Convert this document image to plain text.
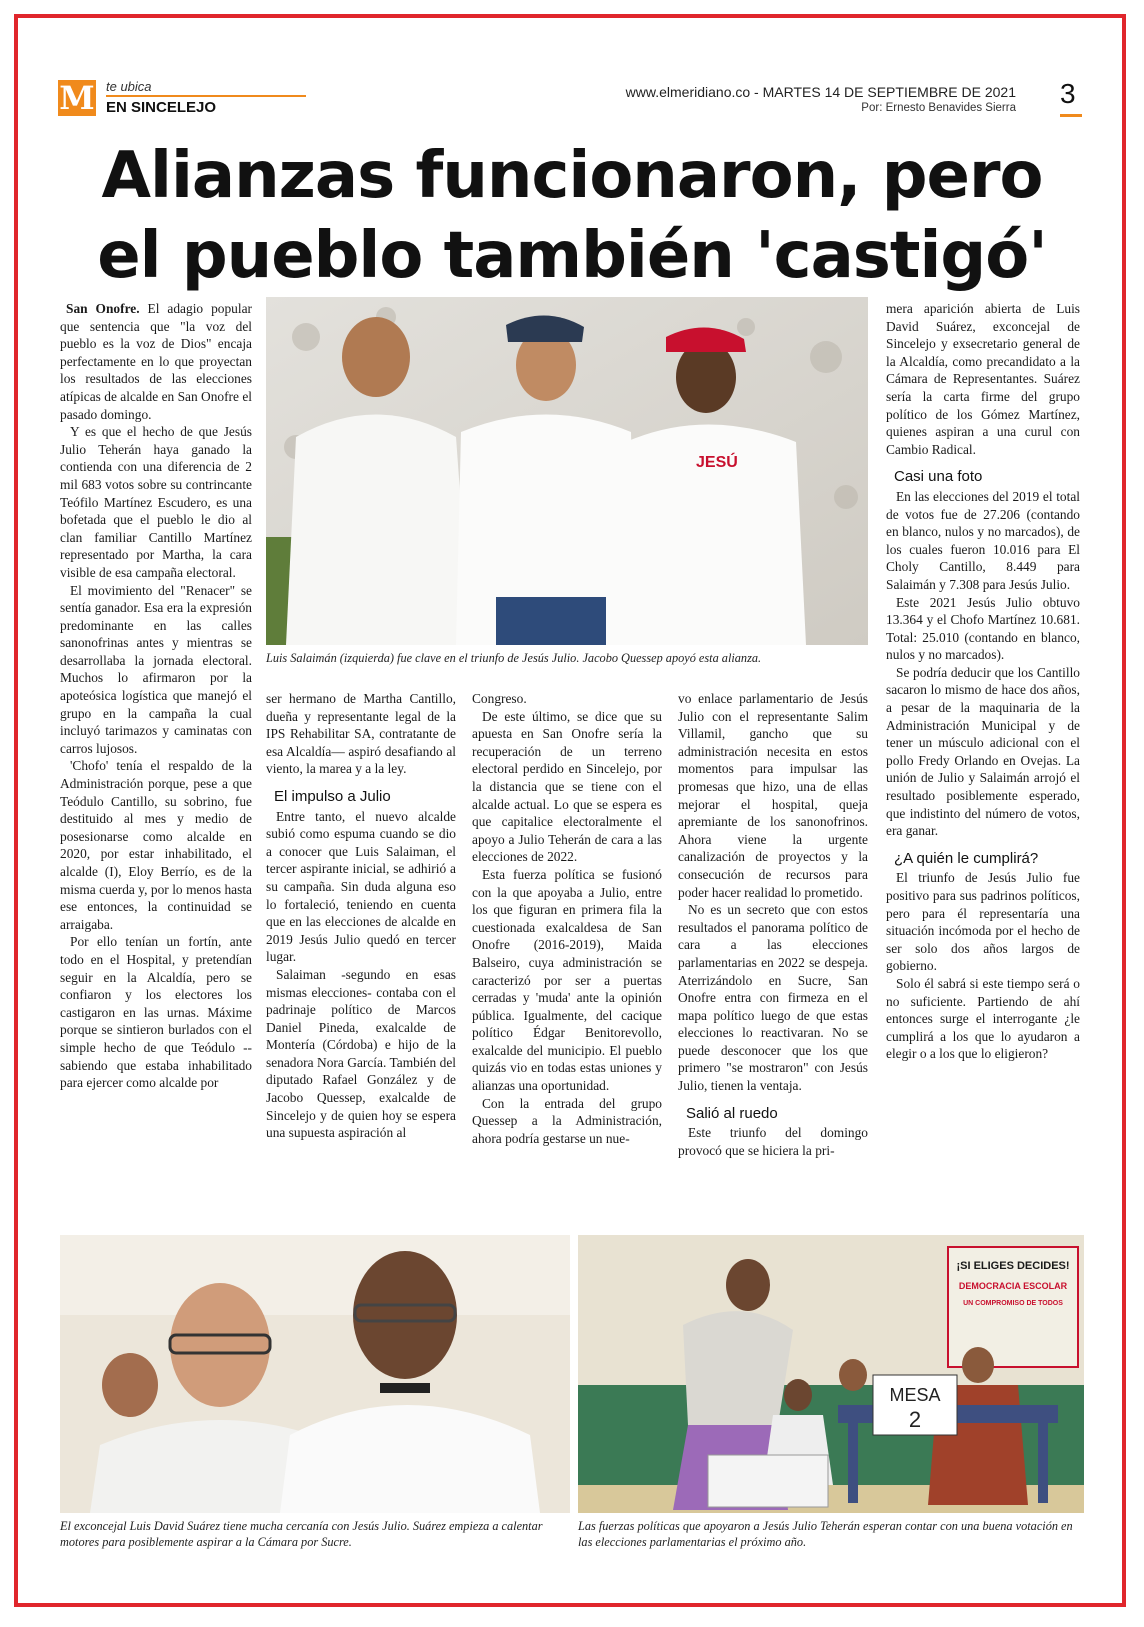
M te ubica
EN SINCELEJO
www.elmeridiano.co - MARTES 14 DE SEPTIEMBRE DE 2021
Por: Ernesto Benavides Sierra 3
Alianzas funcionaron, pero
el pueblo también 'castigó'

San Onofre. El adagio popular que sentencia que "la voz del pueblo es la voz de Dios" encaja perfectamente en lo que proyectan los resultados de las elecciones atípicas de alcalde en San Onofre el pasado domingo.

Y es que el hecho de que Jesús Julio Teherán haya ganado la contienda con una diferencia de 2 mil 683 votos sobre su contrincante Teófilo Martínez Escudero, es una bofetada que el pueblo le dio al clan familiar Cantillo Martínez representado por Martha, la cara visible de esa campaña electoral.

El movimiento del "Renacer" se sentía ganador. Esa era la expresión predominante en las calles sanonofrinas antes y mientras se desarrollaba la jornada electoral. Muchos lo afirmaron por la apoteósica logística que manejó el grupo en la campaña la cual incluyó tarimazos y caminatas con carros lujosos.

'Chofo' tenía el respaldo de la Administración porque, pese a que Teódulo Cantillo, su sobrino, fue destituido al mes y medio de posesionarse como alcalde en 2020, por estar inhabilitado, el alcalde (I), Eloy Berrío, es de la misma cuerda y, por lo menos hasta ese entonces, la continuidad se arraigaba.

Por ello tenían un fortín, ante todo en el Hospital, y pretendían seguir en la Alcaldía, pero se confiaron y los electores los castigaron en las urnas. Máxime porque se sintieron burlados con el simple hecho de que Teódulo --sabiendo que estaba inhabilitado para ejercer como alcalde por

JESÚ
Luis Salaimán (izquierda) fue clave en el triunfo de Jesús Julio. Jacobo Quessep apoyó esta alianza.

ser hermano de Martha Cantillo, dueña y representante legal de la IPS Rehabilitar SA, contratante de esa Alcaldía— aspiró desafiando al viento, la marea y a la ley.

El impulso a Julio

Entre tanto, el nuevo alcalde subió como espuma cuando se dio a conocer que Luis Salaiman, el tercer aspirante inicial, se adhirió a su campaña. Sin duda alguna eso lo fortaleció, teniendo en cuenta que en las elecciones de alcalde en 2019 Jesús Julio quedó en tercer lugar.

Salaiman -segundo en esas mismas elecciones- contaba con el padrinaje político de Marcos Daniel Pineda, exalcalde de Montería (Córdoba) e hijo de la senadora Nora García. También del diputado Rafael González y de Jacobo Quessep, exalcalde de Sincelejo y de quien hoy se espera una supuesta aspiración al

Congreso.

De este último, se dice que su apuesta en San Onofre sería la recuperación de un terreno electoral perdido en Sincelejo, por la distancia que se tiene con el alcalde actual. Lo que se espera es que capitalice electoralmente el apoyo a Julio Teherán de cara a las elecciones de 2022.

Esta fuerza política se fusionó con la que apoyaba a Julio, entre los que figuran en primera fila la cuestionada exalcaldesa de San Onofre (2016-2019), Maida Balseiro, cuya administración se caracterizó por ser a puertas cerradas y 'muda' ante la opinión pública. Igualmente, del cacique político Édgar Benitorevollo, exalcalde del municipio. El pueblo quizás vio en todas estas uniones y alianzas una oportunidad.

Con la entrada del grupo Quessep a la Administración, ahora podría gestarse un nue-

vo enlace parlamentario de Jesús Julio con el representante Salim Villamil, gancho que su administración necesita en estos momentos para impulsar las promesas que hizo, una de ellas mejorar el hospital, queja apremiante de los sanonofrinos. Ahora viene la urgente canalización de proyectos y la consecución de recursos para poder hacer realidad lo prometido.

No es un secreto que con estos resultados el panorama político de cara a las elecciones parlamentarias en 2022 se despeja. Aterrizándolo en Sucre, San Onofre entra con firmeza en el mapa político luego de que estas elecciones lo reactivaran. No se puede desconocer que los que primero "se mostraron" con Jesús Julio, tienen la ventaja.

Salió al ruedo

Este triunfo del domingo provocó que se hiciera la pri-

mera aparición abierta de Luis David Suárez, exconcejal de Sincelejo y exsecretario general de la Alcaldía, como precandidato a la Cámara de Representantes. Suárez sería la carta firme del grupo político de los Gómez Martínez, quienes aspiran a una curul con Cambio Radical.

Casi una foto

En las elecciones del 2019 el total de votos fue de 27.206 (contando en blanco, nulos y no marcados), de los cuales fueron 10.016 para El Choly Cantillo, 8.449 para Salaimán y 7.308 para Jesús Julio.

Este 2021 Jesús Julio obtuvo 13.364 y el Chofo Martínez 10.681. Total: 25.010 (contando en blanco, nulos y no marcados).

Se podría deducir que los Cantillo sacaron lo mismo de hace dos años, a pesar de la maquinaria de la Administración Municipal y de tener un músculo adicional con el pollo Fredy Orlando en Ovejas. La unión de Julio y Salaimán arrojó el resultado posiblemente esperado, que indistinto del número de votos, era ganar.

¿A quién le cumplirá?

El triunfo de Jesús Julio fue positivo para sus padrinos políticos, pero para él representaría una situación incómoda por el hecho de ser solo dos años largos de gobierno.

Solo él sabrá si este tiempo será o no suficiente. Partiendo de ahí entonces surge el interrogante ¿le cumplirá a los que lo ayudaron a elegir o a los que lo eligieron?

El exconcejal Luis David Suárez tiene mucha cercanía con Jesús Julio. Suárez empieza a calentar motores para posiblemente aspirar a la Cámara por Sucre.
¡SI ELIGES DECIDES!
DEMOCRACIA ESCOLAR
UN COMPROMISO DE TODOS
MESA
2
Las fuerzas políticas que apoyaron a Jesús Julio Teherán esperan contar con una buena votación en las elecciones parlamentarias el próximo año.
